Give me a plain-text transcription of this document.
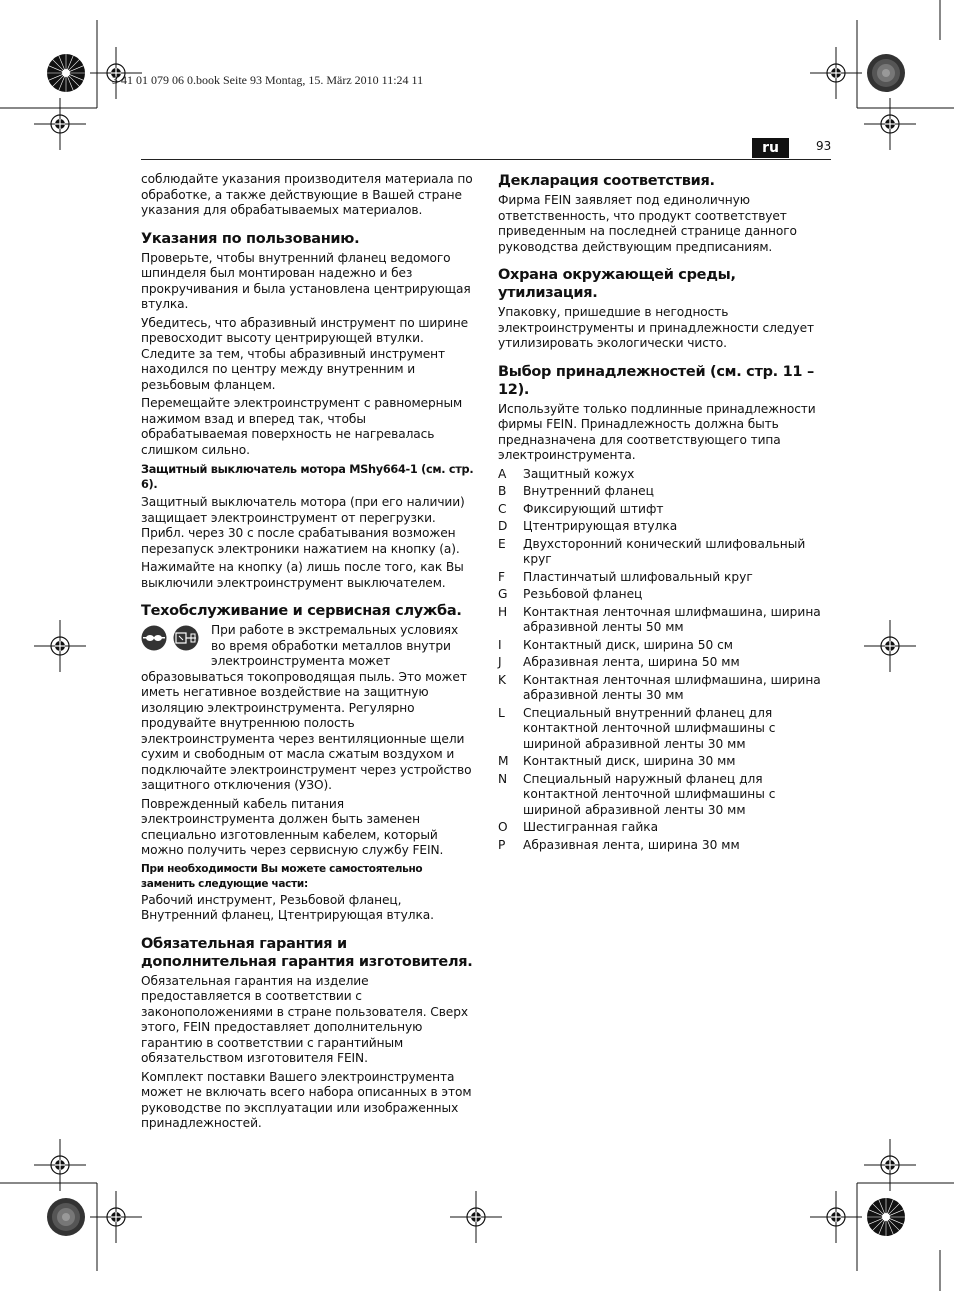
3 41 01 079 06 0.book Seite 93 Montag, 15. März 2010 11:24 11
ru	93

соблюдайте указания производителя материала по обработке, а также действующие в Вашей стране указания для обрабатываемых материалов.

Указания по пользованию.

Проверьте, чтобы внутренний фланец ведомого шпинделя был монтирован надежно и без прокручивания и была установлена центрирующая втулка.

Убедитесь, что абразивный инструмент по ширине превосходит высоту центрирующей втулки. Следите за тем, чтобы абразивный инструмент находился по центру между внутренним и резьбовым фланцем.

Перемещайте электроинструмент с равномерным нажимом взад и вперед так, чтобы обрабатываемая поверхность не нагревалась слишком сильно.

Защитный выключатель мотора MShy664-1 (см. стр. 6).

Защитный выключатель мотора (при его наличии) защищает электроинструмент от перегрузки. Прибл. через 30 с после срабатывания возможен перезапуск электроники нажатием на кнопку (a).

Нажимайте на кнопку (a) лишь после того, как Вы выключили электроинструмент выключателем.

Техобслуживание и сервисная служба.

При работе в экстремальных условиях во время обработки металлов внутри электроинструмента может

образовываться токопроводящая пыль. Это может иметь негативное воздействие на защитную изоляцию электроинструмента. Регулярно продувайте внутреннюю полость электроинструмента через вентиляционные щели сухим и свободным от масла сжатым воздухом и подключайте электроинструмент через устройство защитного отключения (УЗО).

Поврежденный кабель питания электроинструмента должен быть заменен специально изготовленным кабелем, который можно получить через сервисную службу FEIN.

При необходимости Вы можете самостоятельно заменить следующие части:

Рабочий инструмент, Резьбовой фланец, Внутренний фланец, Цтентрирующая втулка.

Обязательная гарантия и дополнительная гарантия изготовителя.

Обязательная гарантия на изделие предоставляется в соответствии с законоположениями в стране пользователя. Сверх этого, FEIN предоставляет дополнительную гарантию в соответствии с гарантийным обязательством изготовителя FEIN.

Комплект поставки Вашего электроинструмента может не включать всего набора описанных в этом руководстве по эксплуатации или изображенных принадлежностей.

Декларация соответствия.

Фирма FEIN заявляет под единоличную ответственность, что продукт соответствует приведенным на последней странице данного руководства действующим предписаниям.

Охрана окружающей среды, утилизация.

Упаковку, пришедшие в негодность электроинструменты и принадлежности следует утилизировать экологически чисто.

Выбор принадлежностей (см. стр. 11 – 12).

Используйте только подлинные принадлежности фирмы FEIN. Принадлежность должна быть предназначена для соответствующего типа электроинструмента.

A	Защитный кожух
B	Внутренний фланец
C	Фиксирующий штифт
D	Цтентрирующая втулка
E	Двухсторонний конический шлифовальный круг
F	Пластинчатый шлифовальный круг
G	Резьбовой фланец
H	Контактная ленточная шлифмашина, ширина абразивной ленты 50 мм
I	Контактный диск, ширина 50 см
J	Абразивная лента, ширина 50 мм
K	Контактная ленточная шлифмашина, ширина абразивной ленты 30 мм
L	Специальный внутренний фланец для контактной ленточной шлифмашины с шириной абразивной ленты 30 мм
M	Контактный диск, ширина 30 мм
N	Специальный наружный фланец для контактной ленточной шлифмашины с шириной абразивной ленты 30 мм
O	Шестигранная гайка
P	Абразивная лента, ширина 30 мм
